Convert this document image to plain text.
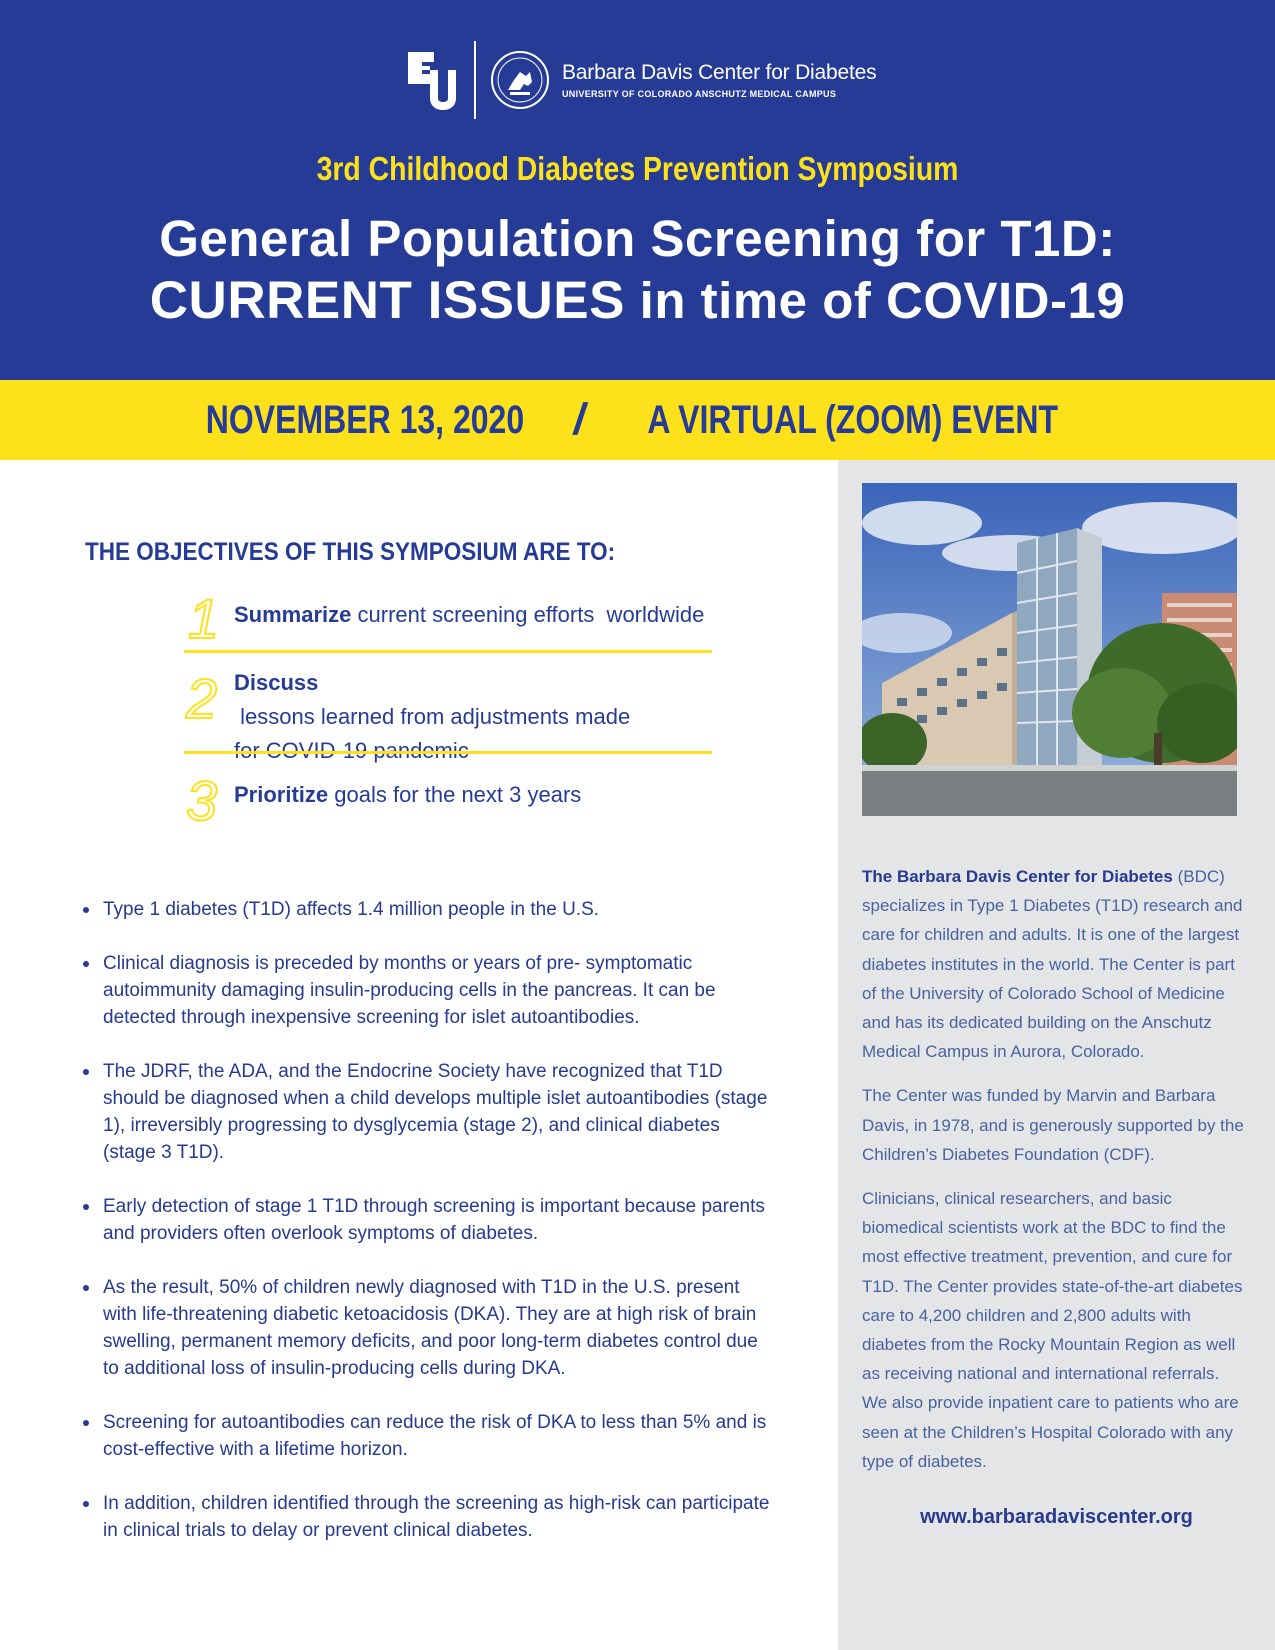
Barbara Davis Center for Diabetes
UNIVERSITY OF COLORADO ANSCHUTZ MEDICAL CAMPUS
3rd Childhood Diabetes Prevention Symposium
General Population Screening for T1D:
CURRENT ISSUES in time of COVID-19
NOVEMBER 13, 2020 / A VIRTUAL (ZOOM) EVENT

The Barbara Davis Center for Diabetes (BDC) specializes in Type 1 Diabetes (T1D) research and care for children and adults. It is one of the largest diabetes institutes in the world. The Center is part of the University of Colorado School of Medicine and has its dedicated building on the Anschutz Medical Campus in Aurora, Colorado.

The Center was funded by Marvin and Barbara Davis, in 1978, and is generously supported by the Children’s Diabetes Foundation (CDF).

Clinicians, clinical researchers, and basic biomedical scientists work at the BDC to find the most effective treatment, prevention, and cure for T1D. The Center provides state-of-the-art diabetes care to 4,200 children and 2,800 adults with diabetes from the Rocky Mountain Region as well as receiving national and international referrals. We also provide inpatient care to patients who are seen at the Children’s Hospital Colorado with any type of diabetes.

www.barbaradaviscenter.org
THE OBJECTIVES OF THIS SYMPOSIUM ARE TO:
1 Summarize current screening efforts  worldwide
2 Discuss lessons learned from adjustments made

3 Prioritize goals for the next 3 years
Type 1 diabetes (T1D) affects 1.4 million people in the U.S.
Clinical diagnosis is preceded by months or years of pre- symptomatic autoimmunity damaging insulin-producing cells in the pancreas. It can be detected through inexpensive screening for islet autoantibodies.
The JDRF, the ADA, and the Endocrine Society have recognized that T1D should be diagnosed when a child develops multiple islet autoantibodies (stage 1), irreversibly progressing to dysglycemia (stage 2), and clinical diabetes (stage 3 T1D).
Early detection of stage 1 T1D through screening is important because parents and providers often overlook symptoms of diabetes.
As the result, 50% of children newly diagnosed with T1D in the U.S. present with life-threatening diabetic ketoacidosis (DKA). They are at high risk of brain swelling, permanent memory deficits, and poor long-term diabetes control due to additional loss of insulin-producing cells during DKA.
Screening for autoantibodies can reduce the risk of DKA to less than 5% and is cost-effective with a lifetime horizon.
In addition, children identified through the screening as high-risk can participate in clinical trials to delay or prevent clinical diabetes.
